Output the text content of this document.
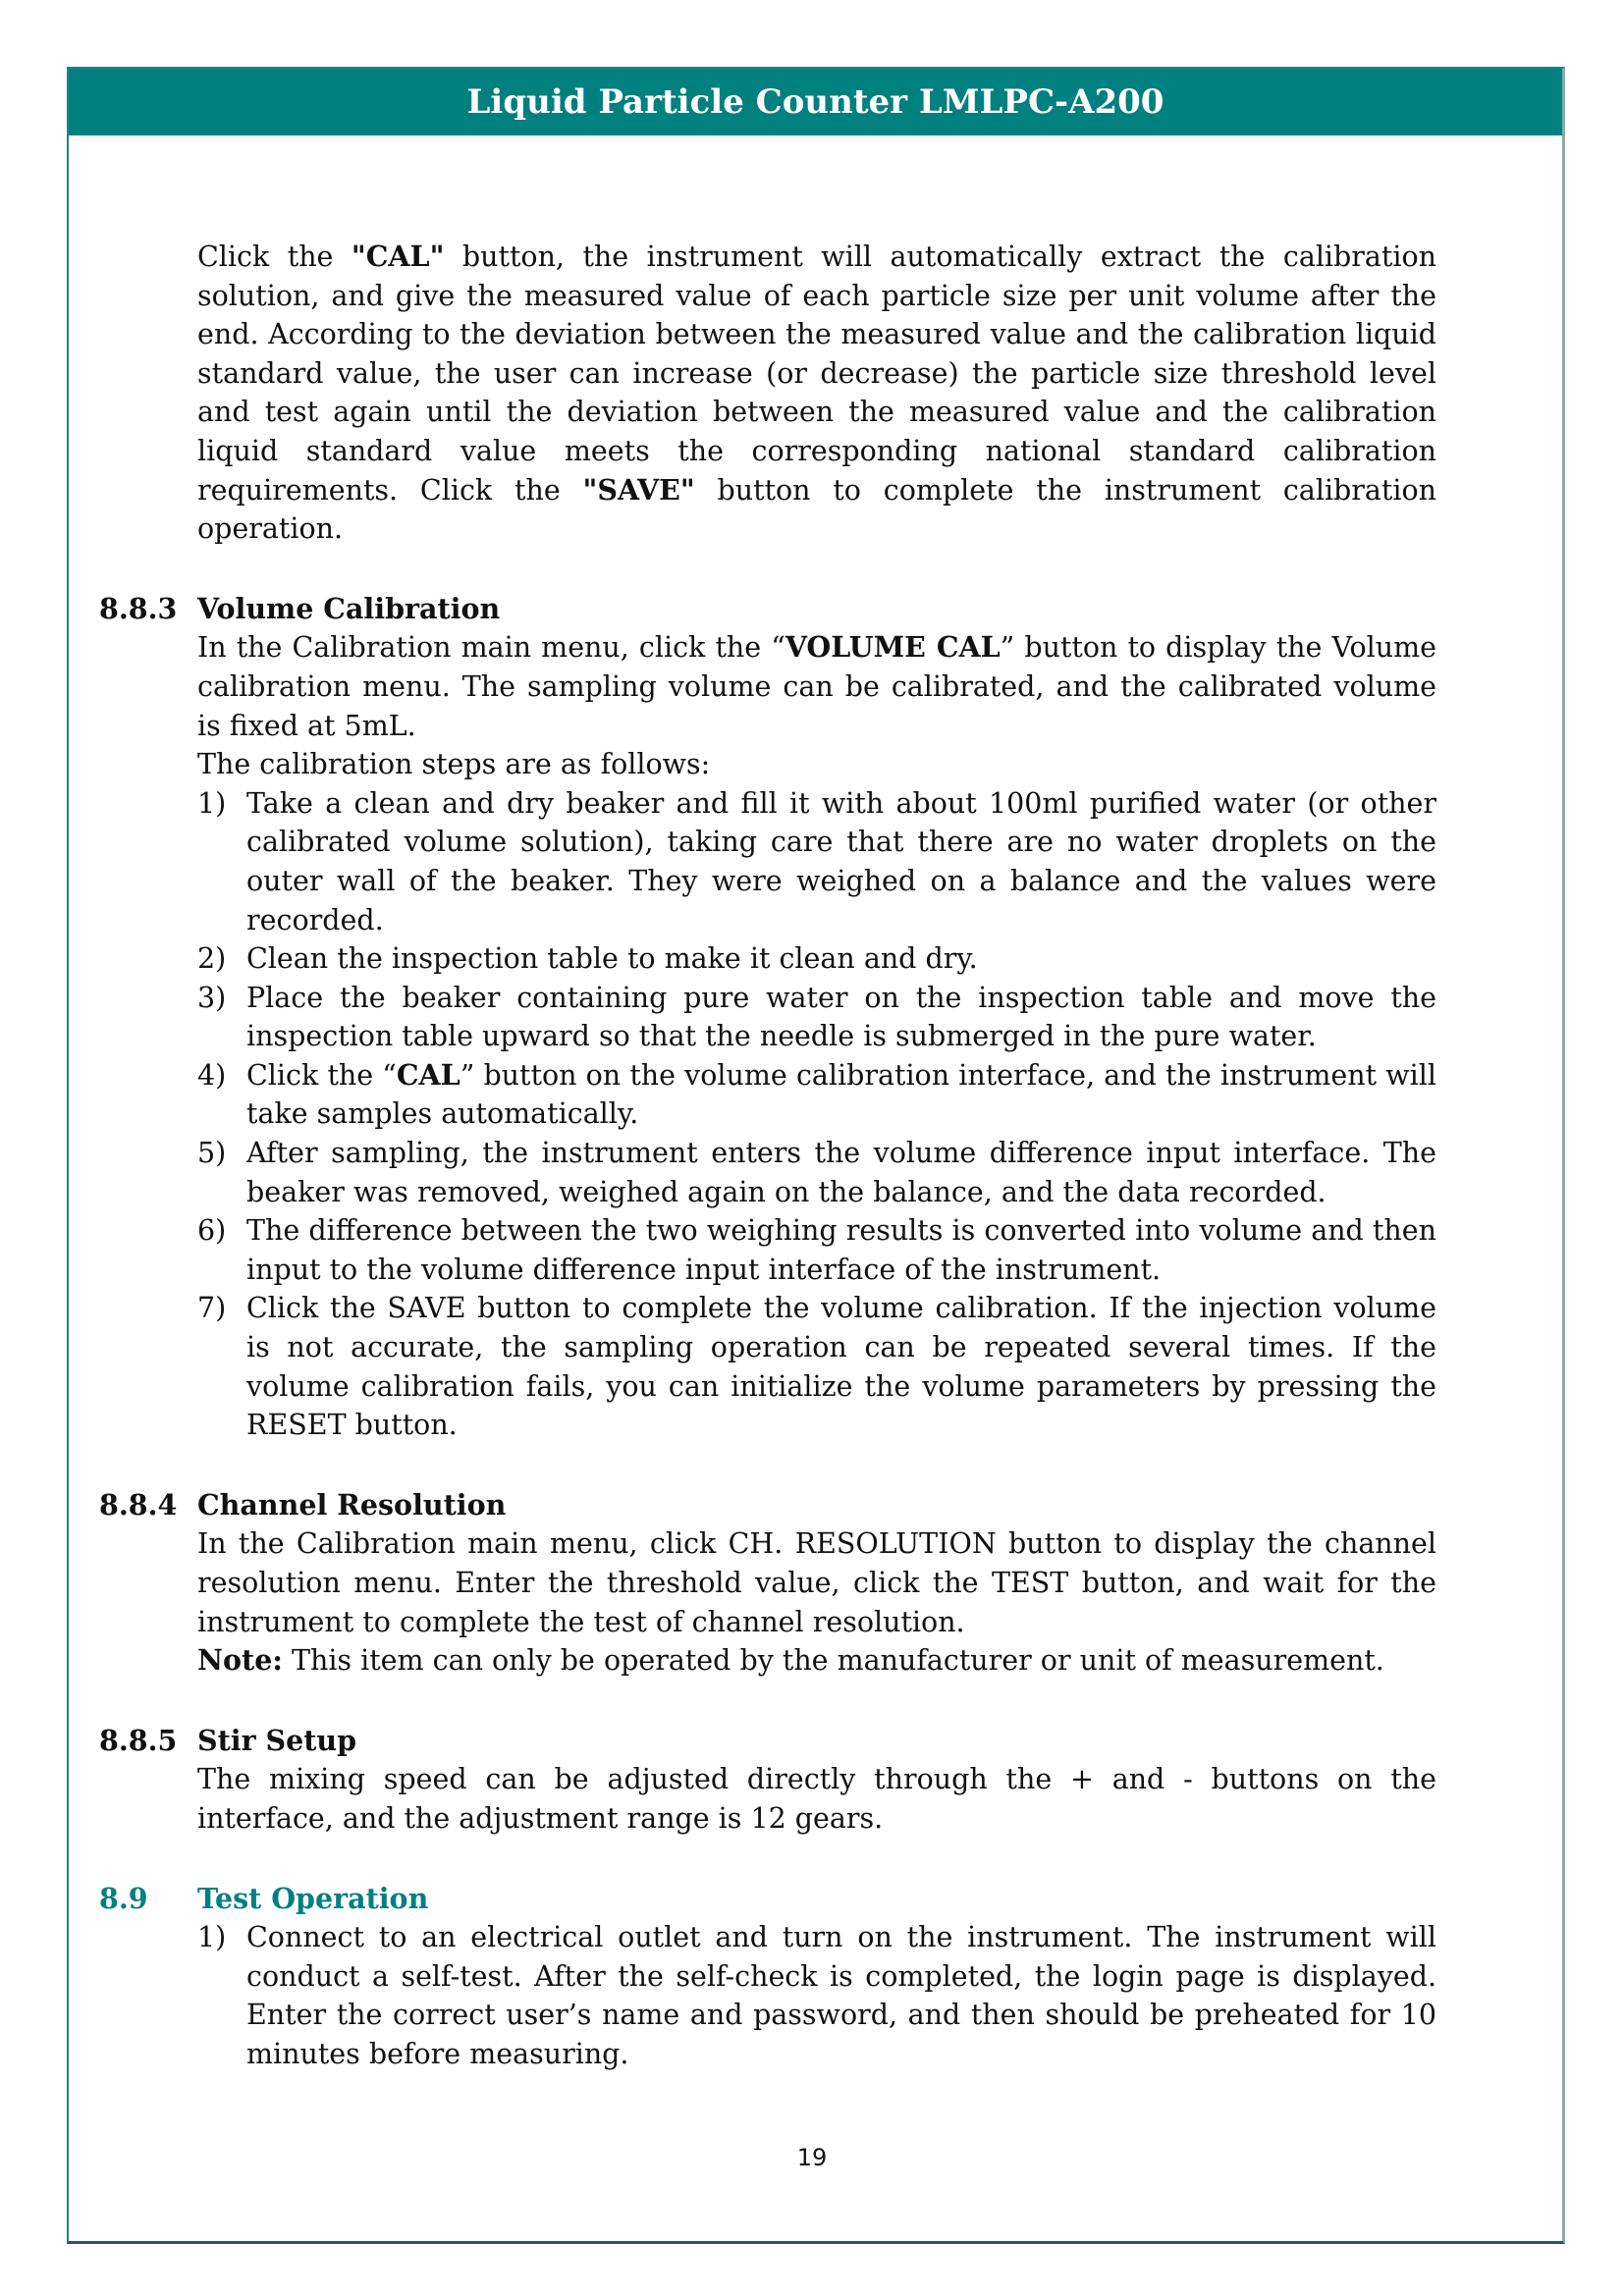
Liquid Particle Counter LMLPC-A200

Click the "CAL" button, the instrument will automatically extract the calibration solution, and give the measured value of each particle size per unit volume after the end. According to the deviation between the measured value and the calibration liquid standard value, the user can increase (or decrease) the particle size threshold level and test again until the deviation between the measured value and the calibration liquid standard value meets the corresponding national standard calibration requirements. Click the "SAVE" button to complete the instrument calibration operation.

8.8.3 Volume Calibration

In the Calibration main menu, click the “VOLUME CAL” button to display the Volume calibration menu. The sampling volume can be calibrated, and the calibrated volume is fixed at 5mL.

The calibration steps are as follows:

1) Take a clean and dry beaker and fill it with about 100ml purified water (or other calibrated volume solution), taking care that there are no water droplets on the outer wall of the beaker. They were weighed on a balance and the values were recorded.
2) Clean the inspection table to make it clean and dry.
3) Place the beaker containing pure water on the inspection table and move the inspection table upward so that the needle is submerged in the pure water.
4) Click the “CAL” button on the volume calibration interface, and the instrument will take samples automatically.
5) After sampling, the instrument enters the volume difference input interface. The beaker was removed, weighed again on the balance, and the data recorded.
6) The difference between the two weighing results is converted into volume and then input to the volume difference input interface of the instrument.
7) Click the SAVE button to complete the volume calibration. If the injection volume is not accurate, the sampling operation can be repeated several times. If the volume calibration fails, you can initialize the volume parameters by pressing the RESET button.

8.8.4 Channel Resolution

In the Calibration main menu, click CH. RESOLUTION button to display the channel resolution menu. Enter the threshold value, click the TEST button, and wait for the instrument to complete the test of channel resolution.

Note: This item can only be operated by the manufacturer or unit of measurement.

8.8.5 Stir Setup

The mixing speed can be adjusted directly through the + and - buttons on the interface, and the adjustment range is 12 gears.

8.9 Test Operation

1) Connect to an electrical outlet and turn on the instrument. The instrument will conduct a self-test. After the self-check is completed, the login page is displayed. Enter the correct user’s name and password, and then should be preheated for 10 minutes before measuring.
19
